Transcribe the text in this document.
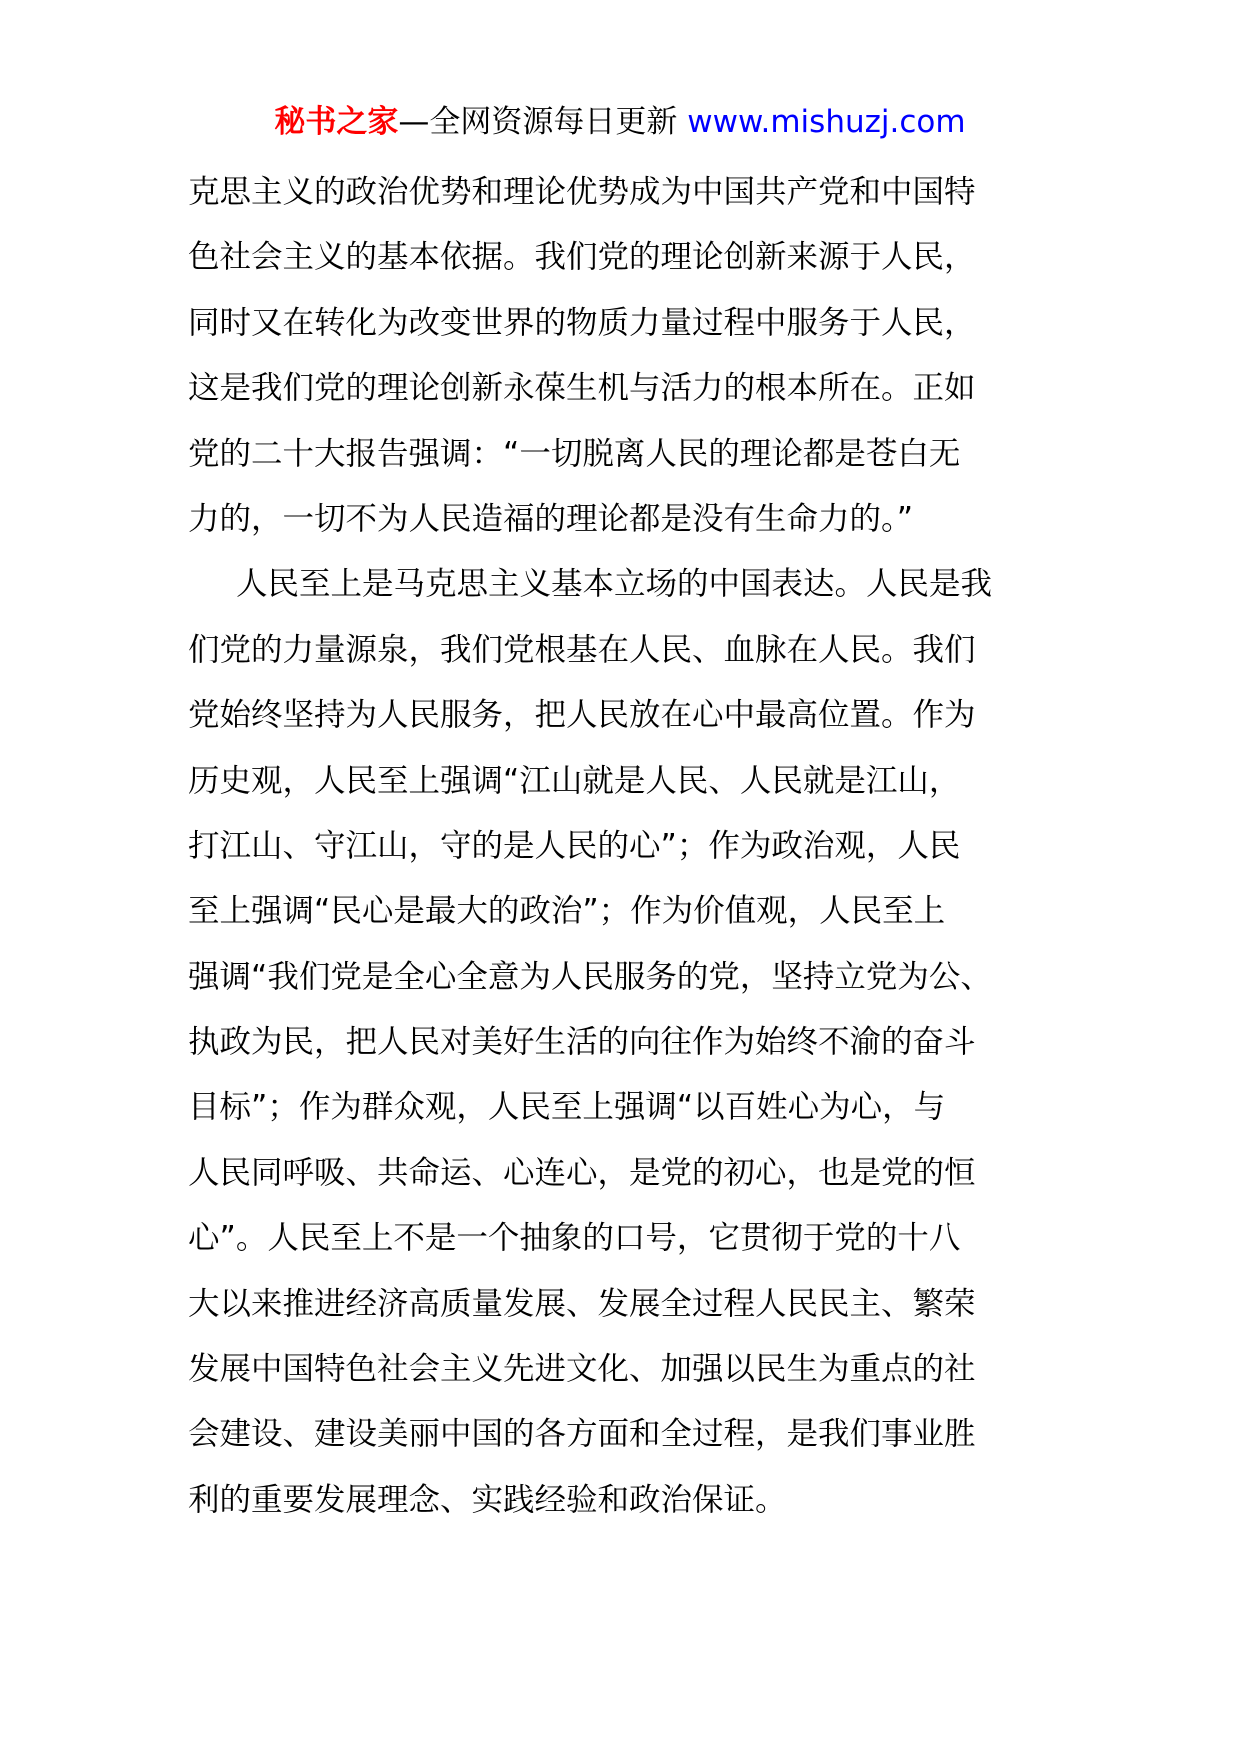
秘书之家—全网资源每日更新 www.mishuzj.com
克思主义的政治优势和理论优势成为中国共产党和中国特
色社会主义的基本依据。我们党的理论创新来源于人民，
同时又在转化为改变世界的物质力量过程中服务于人民，
这是我们党的理论创新永葆生机与活力的根本所在。正如
党的二十大报告强调：“一切脱离人民的理论都是苍白无
力的，一切不为人民造福的理论都是没有生命力的。”
人民至上是马克思主义基本立场的中国表达。人民是我
们党的力量源泉，我们党根基在人民、血脉在人民。我们
党始终坚持为人民服务，把人民放在心中最高位置。作为
历史观，人民至上强调“江山就是人民、人民就是江山，
打江山、守江山，守的是人民的心”；作为政治观，人民
至上强调“民心是最大的政治”；作为价值观，人民至上
强调“我们党是全心全意为人民服务的党，坚持立党为公、
执政为民，把人民对美好生活的向往作为始终不渝的奋斗
目标”；作为群众观，人民至上强调“以百姓心为心，与
人民同呼吸、共命运、心连心，是党的初心，也是党的恒
心”。人民至上不是一个抽象的口号，它贯彻于党的十八
大以来推进经济高质量发展、发展全过程人民民主、繁荣
发展中国特色社会主义先进文化、加强以民生为重点的社
会建设、建设美丽中国的各方面和全过程，是我们事业胜
利的重要发展理念、实践经验和政治保证。
